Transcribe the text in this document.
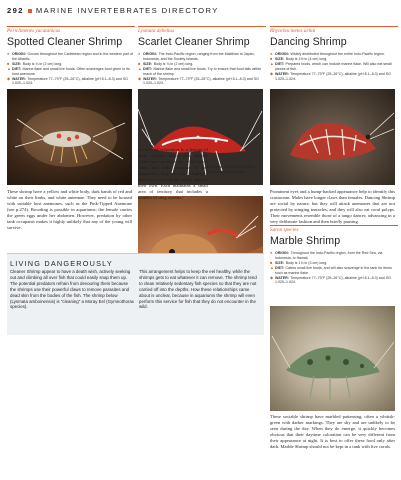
292 MARINE INVERTEBRATES DIRECTORY
Periclimenes yucatanicus
Spotted Cleaner Shrimp
● ORIGIN: Occurs throughout the Caribbean region and in the western part of the Atlantic.
■ SIZE: Body is ¾ in (2 cm) long.
▲ DIET: Marine flake and small live foods. Often scavenges food given to its host anemone.
◆ WATER: Temperature 77–79°F (25–26°C), alkaline (pH 8.1–8.3) and SG 1.020–1.024.
Lysmata debelius
Scarlet Cleaner Shrimp
● ORIGIN: The Indo-Pacific region, ranging from the Maldives to Japan, Indonesia, and the Society Islands.
■ SIZE: Body is ¾ in (2 cm) long.
▲ DIET: Marine flake and small live foods. Try to ensure that food falls within reach of the shrimp.
◆ WATER: Temperature 77–79°F (25–26°C), alkaline (pH 8.1–8.3) and SG 1.020–1.024.
Rhynchocinetes uritai
Dancing Shrimp
● ORIGIN: Widely distributed throughout the entire Indo-Pacific region.
■ SIZE: Body is 1½ in (4 cm) long.
▲ DIET: Prepared foods, which can include marine flake. Will also eat small pieces of fish.
◆ WATER: Temperature 77–79°F (25–26°C), alkaline (pH 8.1–8.3) and SG 1.020–1.024.
These shrimp have a yellow and white body, dark bands of red and white on their limbs, and white antennae. They need to be housed with suitable host anemones, such as the Pink-Tipped Anemone (see p.274). Brooding is possible in aquariums; the female carries the green eggs under her abdomen. However, predation by other tank occupants makes it highly unlikely that any of the young will survive.
Scarlet red coloration is a feature of these shrimp, which also display white spots on the body, white lower limbs, and white antennae. In reef aquariums, they are best displayed kept as a small group rather than on their own. Each maintains a small area of territory that includes a number of snug retreats.
Prominent eyes and a hump-backed appearance help to identify this crustacean. Males have longer claws than females. Dancing Shrimp are social by nature, but they will attack anemones that are not protected by stinging tentacles, and they will also eat coral polyps. Their movements resemble those of a tango dancer, advancing in a very deliberate fashion and then briefly pausing.
Antennae are used as feelers in murky surroundings
LIVING DANGEROUSLY
Cleaner Shrimp appear to have a death wish, actively seeking out and climbing all over fish that could easily snap them up. The potential predators refrain from devouring them because the shrimps use their powerful claws to remove parasites and dead skin from the bodies of the fish. The shrimp below (Lysmata amboinensis) is "cleaning" a Moray Eel (Gymnothorax species).
This arrangement helps to keep the eel healthy, while the shrimps gets to eat whatever it can remove. The shrimp tend to clean relatively sedentary fish species so that they are not carried off into the depths. How these relationships came about is unclear, because in aquariums the shrimp will even perform this service for fish that they do not encounter in the wild.
Saron species
Marble Shrimp
● ORIGIN: Throughout the Indo-Pacific region, from the Red Sea, via Indonesia, to Hawaii.
■ SIZE: Body is 1¾ in (3 cm) long.
▲ DIET: Caters small live foods, and will also scavenge in the tank for items such as marine flake.
◆ WATER: Temperature 77–79°F (25–26°C), alkaline (pH 8.1–8.3) and SG 1.020–1.024.
These sociable shrimp have marbled patterning, often a whitish-green with darker markings. They are shy and are unlikely to be seen during the day. When they do emerge, it quickly becomes obvious that their daytime coloration can be very different from their appearance at night. It is best to offer these food only after dark. Marble Shrimp should not be kept in a tank with live corals.
